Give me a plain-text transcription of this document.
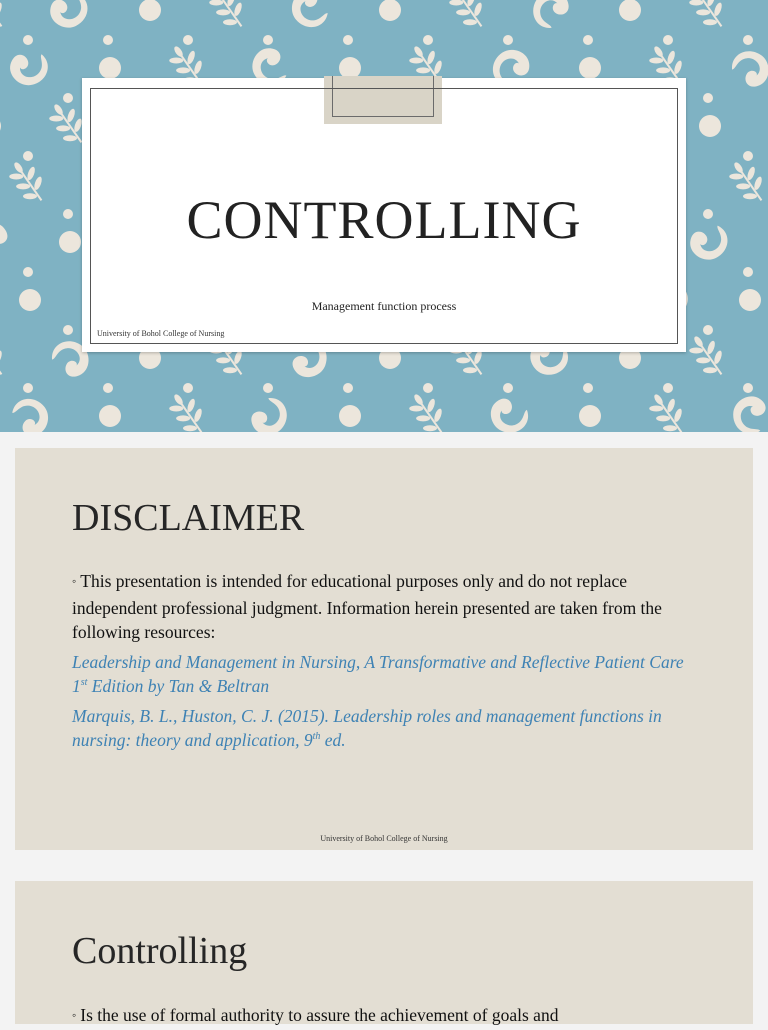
CONTROLLING
Management function process
University of Bohol College of Nursing
DISCLAIMER
◦ This presentation is intended for educational purposes only and do not replace independent professional judgment. Information herein presented are taken from the following resources:
Leadership and Management in Nursing, A Transformative and Reflective Patient Care 1st Edition by Tan & Beltran
Marquis, B. L., Huston, C. J. (2015). Leadership roles and management functions in nursing: theory and application, 9th ed.
University of Bohol College of Nursing
Controlling
◦ Is the use of formal authority to assure the achievement of goals and
